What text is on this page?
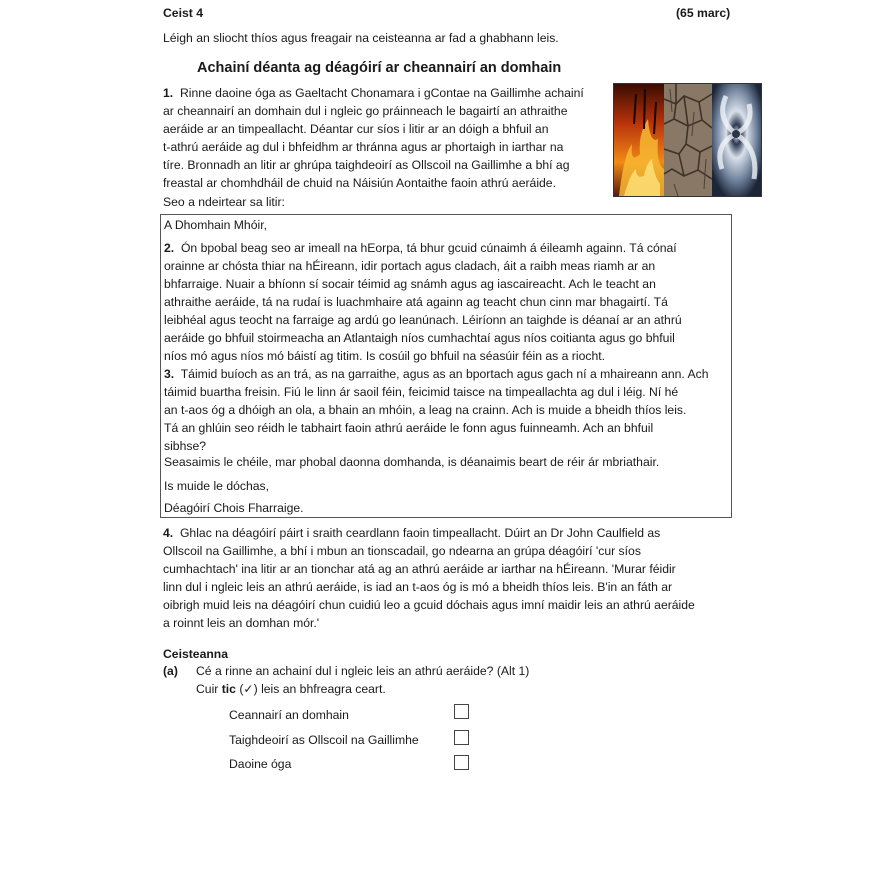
Ceist 4	(65 marc)
Léigh an sliocht thíos agus freagair na ceisteanna ar fad a ghabhann leis.
Achainí déanta ag déagóirí ar cheannairí an domhain
1. Rinne daoine óga as Gaeltacht Chonamara i gContae na Gaillimhe achainí
ar cheannairí an domhain dul i ngleic go práinneach le bagairtí an athraithe
aeráide ar an timpeallacht. Déantar cur síos i litir ar an dóigh a bhfuil an
t-athrú aeráide ag dul i bhfeidhm ar thránna agus ar phortaigh in iarthar na
tíre. Bronnadh an litir ar ghrúpa taighdeoirí as Ollscoil na Gaillimhe a bhí ag
freastal ar chomhdháil de chuid na Náisiún Aontaithe faoin athrú aeráide.
Seo a ndeirtear sa litir:
A Dhomhain Mhóir,
2. Ón bpobal beag seo ar imeall na hEorpa, tá bhur gcuid cúnaimh á éileamh againn. Tá cónaí
orainne ar chósta thiar na hÉireann, idir portach agus cladach, áit a raibh meas riamh ar an
bhfarraige. Nuair a bhíonn sí socair téimid ag snámh agus ag iascaireacht. Ach le teacht an
athraithe aeráide, tá na rudaí is luachmhaire atá againn ag teacht chun cinn mar bhagairtí. Tá
leibhéal agus teocht na farraige ag ardú go leanúnach. Léiríonn an taighde is déanaí ar an athrú
aeráide go bhfuil stoirmeacha an Atlantaigh níos cumhachtaí agus níos coitianta agus go bhfuil
níos mó agus níos mó báistí ag titim. Is cosúil go bhfuil na séasúir féin as a riocht.
3. Táimid buíoch as an trá, as na garraithe, agus as an bportach agus gach ní a mhaireann ann. Ach
táimid buartha freisin. Fiú le linn ár saoil féin, feicimid taisce na timpeallachta ag dul i léig. Ní hé
an t-aos óg a dhóigh an ola, a bhain an mhóin, a leag na crainn. Ach is muide a bheidh thíos leis.
Tá an ghlúin seo réidh le tabhairt faoin athrú aeráide le fonn agus fuinneamh. Ach an bhfuil
sibhse?
Seasaimis le chéile, mar phobal daonna domhanda, is déanaimis beart de réir ár mbriathair.
Is muide le dóchas,
Déagóirí Chois Fharraige.
4. Ghlac na déagóirí páirt i sraith ceardlann faoin timpeallacht. Dúirt an Dr John Caulfield as
Ollscoil na Gaillimhe, a bhí i mbun an tionscadail, go ndearna an grúpa déagóirí 'cur síos
cumhachtach' ina litir ar an tionchar atá ag an athrú aeráide ar iarthar na hÉireann. 'Murar féidir
linn dul i ngleic leis an athrú aeráide, is iad an t-aos óg is mó a bheidh thíos leis. B'in an fáth ar
oibrigh muid leis na déagóirí chun cuidiú leo a gcuid dóchais agus imní maidir leis an athrú aeráide
a roinnt leis an domhan mór.'
Ceisteanna
(a) Cé a rinne an achainí dul i ngleic leis an athrú aeráide? (Alt 1)
Cuir tic (✓) leis an bhfreagra ceart.
Ceannairí an domhain
Taighdeoirí as Ollscoil na Gaillimhe
Daoine óga
